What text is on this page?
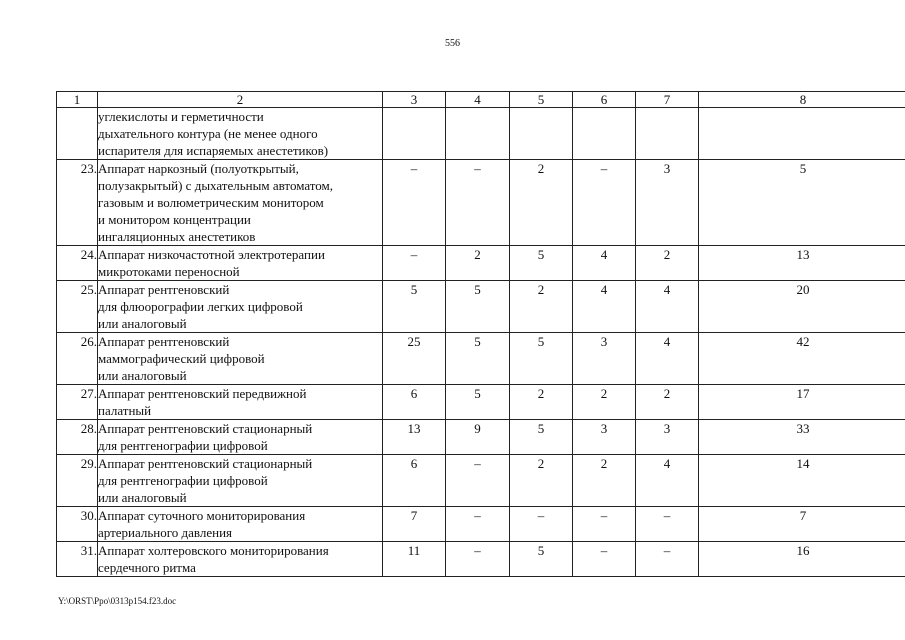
556
1	2	3	4	5	6	7	8

	углекислоты и герметичности
дыхательного контура (не менее одного
испарителя для испаряемых анестетиков)						

23.	Аппарат наркозный (полуоткрытый,
полузакрытый) с дыхательным автоматом,
газовым и волюметрическим монитором
и монитором концентрации
ингаляционных анестетиков	–	–	2	–	3	5

24.	Аппарат низкочастотной электротерапии
микротоками переносной	–	2	5	4	2	13

25.	Аппарат рентгеновский
для флюорографии легких цифровой
или аналоговый	5	5	2	4	4	20

26.	Аппарат рентгеновский
маммографический цифровой
или аналоговый	25	5	5	3	4	42

27.	Аппарат рентгеновский передвижной
палатный	6	5	2	2	2	17

28.	Аппарат рентгеновский стационарный
для рентгенографии цифровой	13	9	5	3	3	33

29.	Аппарат рентгеновский стационарный
для рентгенографии цифровой
или аналоговый	6	–	2	2	4	14

30.	Аппарат суточного мониторирования
артериального давления	7	–	–	–	–	7

31.	Аппарат холтеровского мониторирования
сердечного ритма	11	–	5	–	–	16
Y:\ORST\Ppo\0313p154.f23.doc
